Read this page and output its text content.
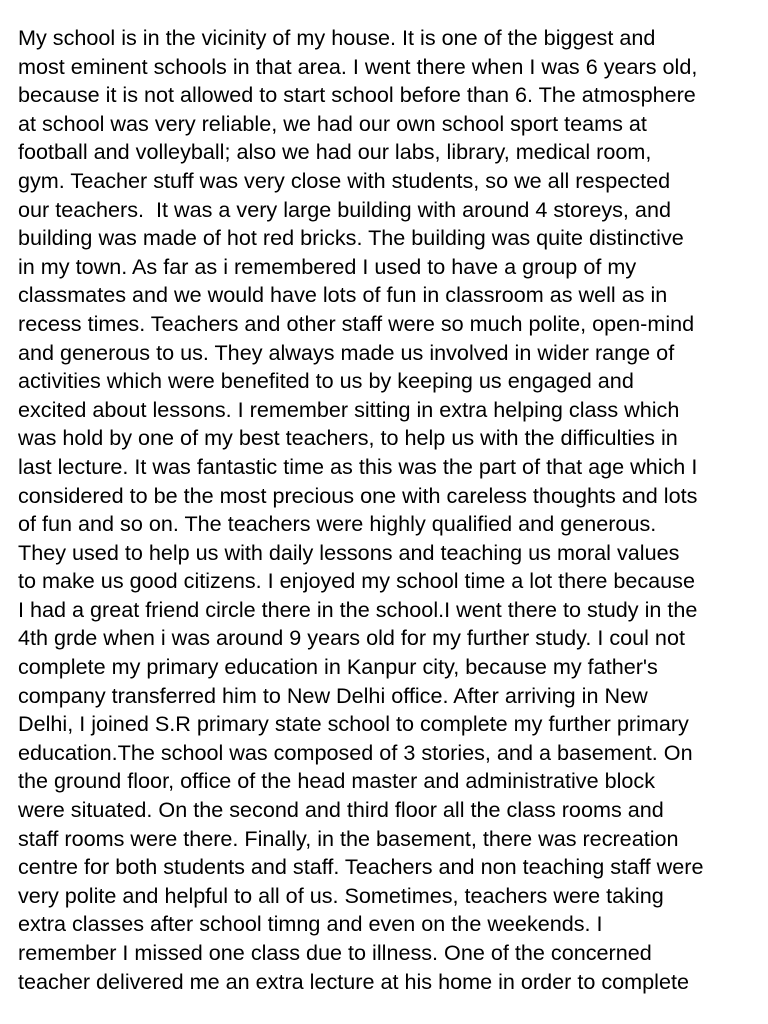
My school is in the vicinity of my house. It is one of the biggest and
most eminent schools in that area. I went there when I was 6 years old,
because it is not allowed to start school before than 6. The atmosphere
at school was very reliable, we had our own school sport teams at
football and volleyball; also we had our labs, library, medical room,
gym. Teacher stuff was very close with students, so we all respected
our teachers.  It was a very large building with around 4 storeys, and
building was made of hot red bricks. The building was quite distinctive
in my town. As far as i remembered I used to have a group of my
classmates and we would have lots of fun in classroom as well as in
recess times. Teachers and other staff were so much polite, open-mind
and generous to us. They always made us involved in wider range of
activities which were benefited to us by keeping us engaged and
excited about lessons. I remember sitting in extra helping class which
was hold by one of my best teachers, to help us with the difficulties in
last lecture. It was fantastic time as this was the part of that age which I
considered to be the most precious one with careless thoughts and lots
of fun and so on. The teachers were highly qualified and generous.
They used to help us with daily lessons and teaching us moral values
to make us good citizens. I enjoyed my school time a lot there because
I had a great friend circle there in the school.I went there to study in the
4th grde when i was around 9 years old for my further study. I coul not
complete my primary education in Kanpur city, because my father's
company transferred him to New Delhi office. After arriving in New
Delhi, I joined S.R primary state school to complete my further primary
education.The school was composed of 3 stories, and a basement. On
the ground floor, office of the head master and administrative block
were situated. On the second and third floor all the class rooms and
staff rooms were there. Finally, in the basement, there was recreation
centre for both students and staff. Teachers and non teaching staff were
very polite and helpful to all of us. Sometimes, teachers were taking
extra classes after school timng and even on the weekends. I
remember I missed one class due to illness. One of the concerned
teacher delivered me an extra lecture at his home in order to complete
